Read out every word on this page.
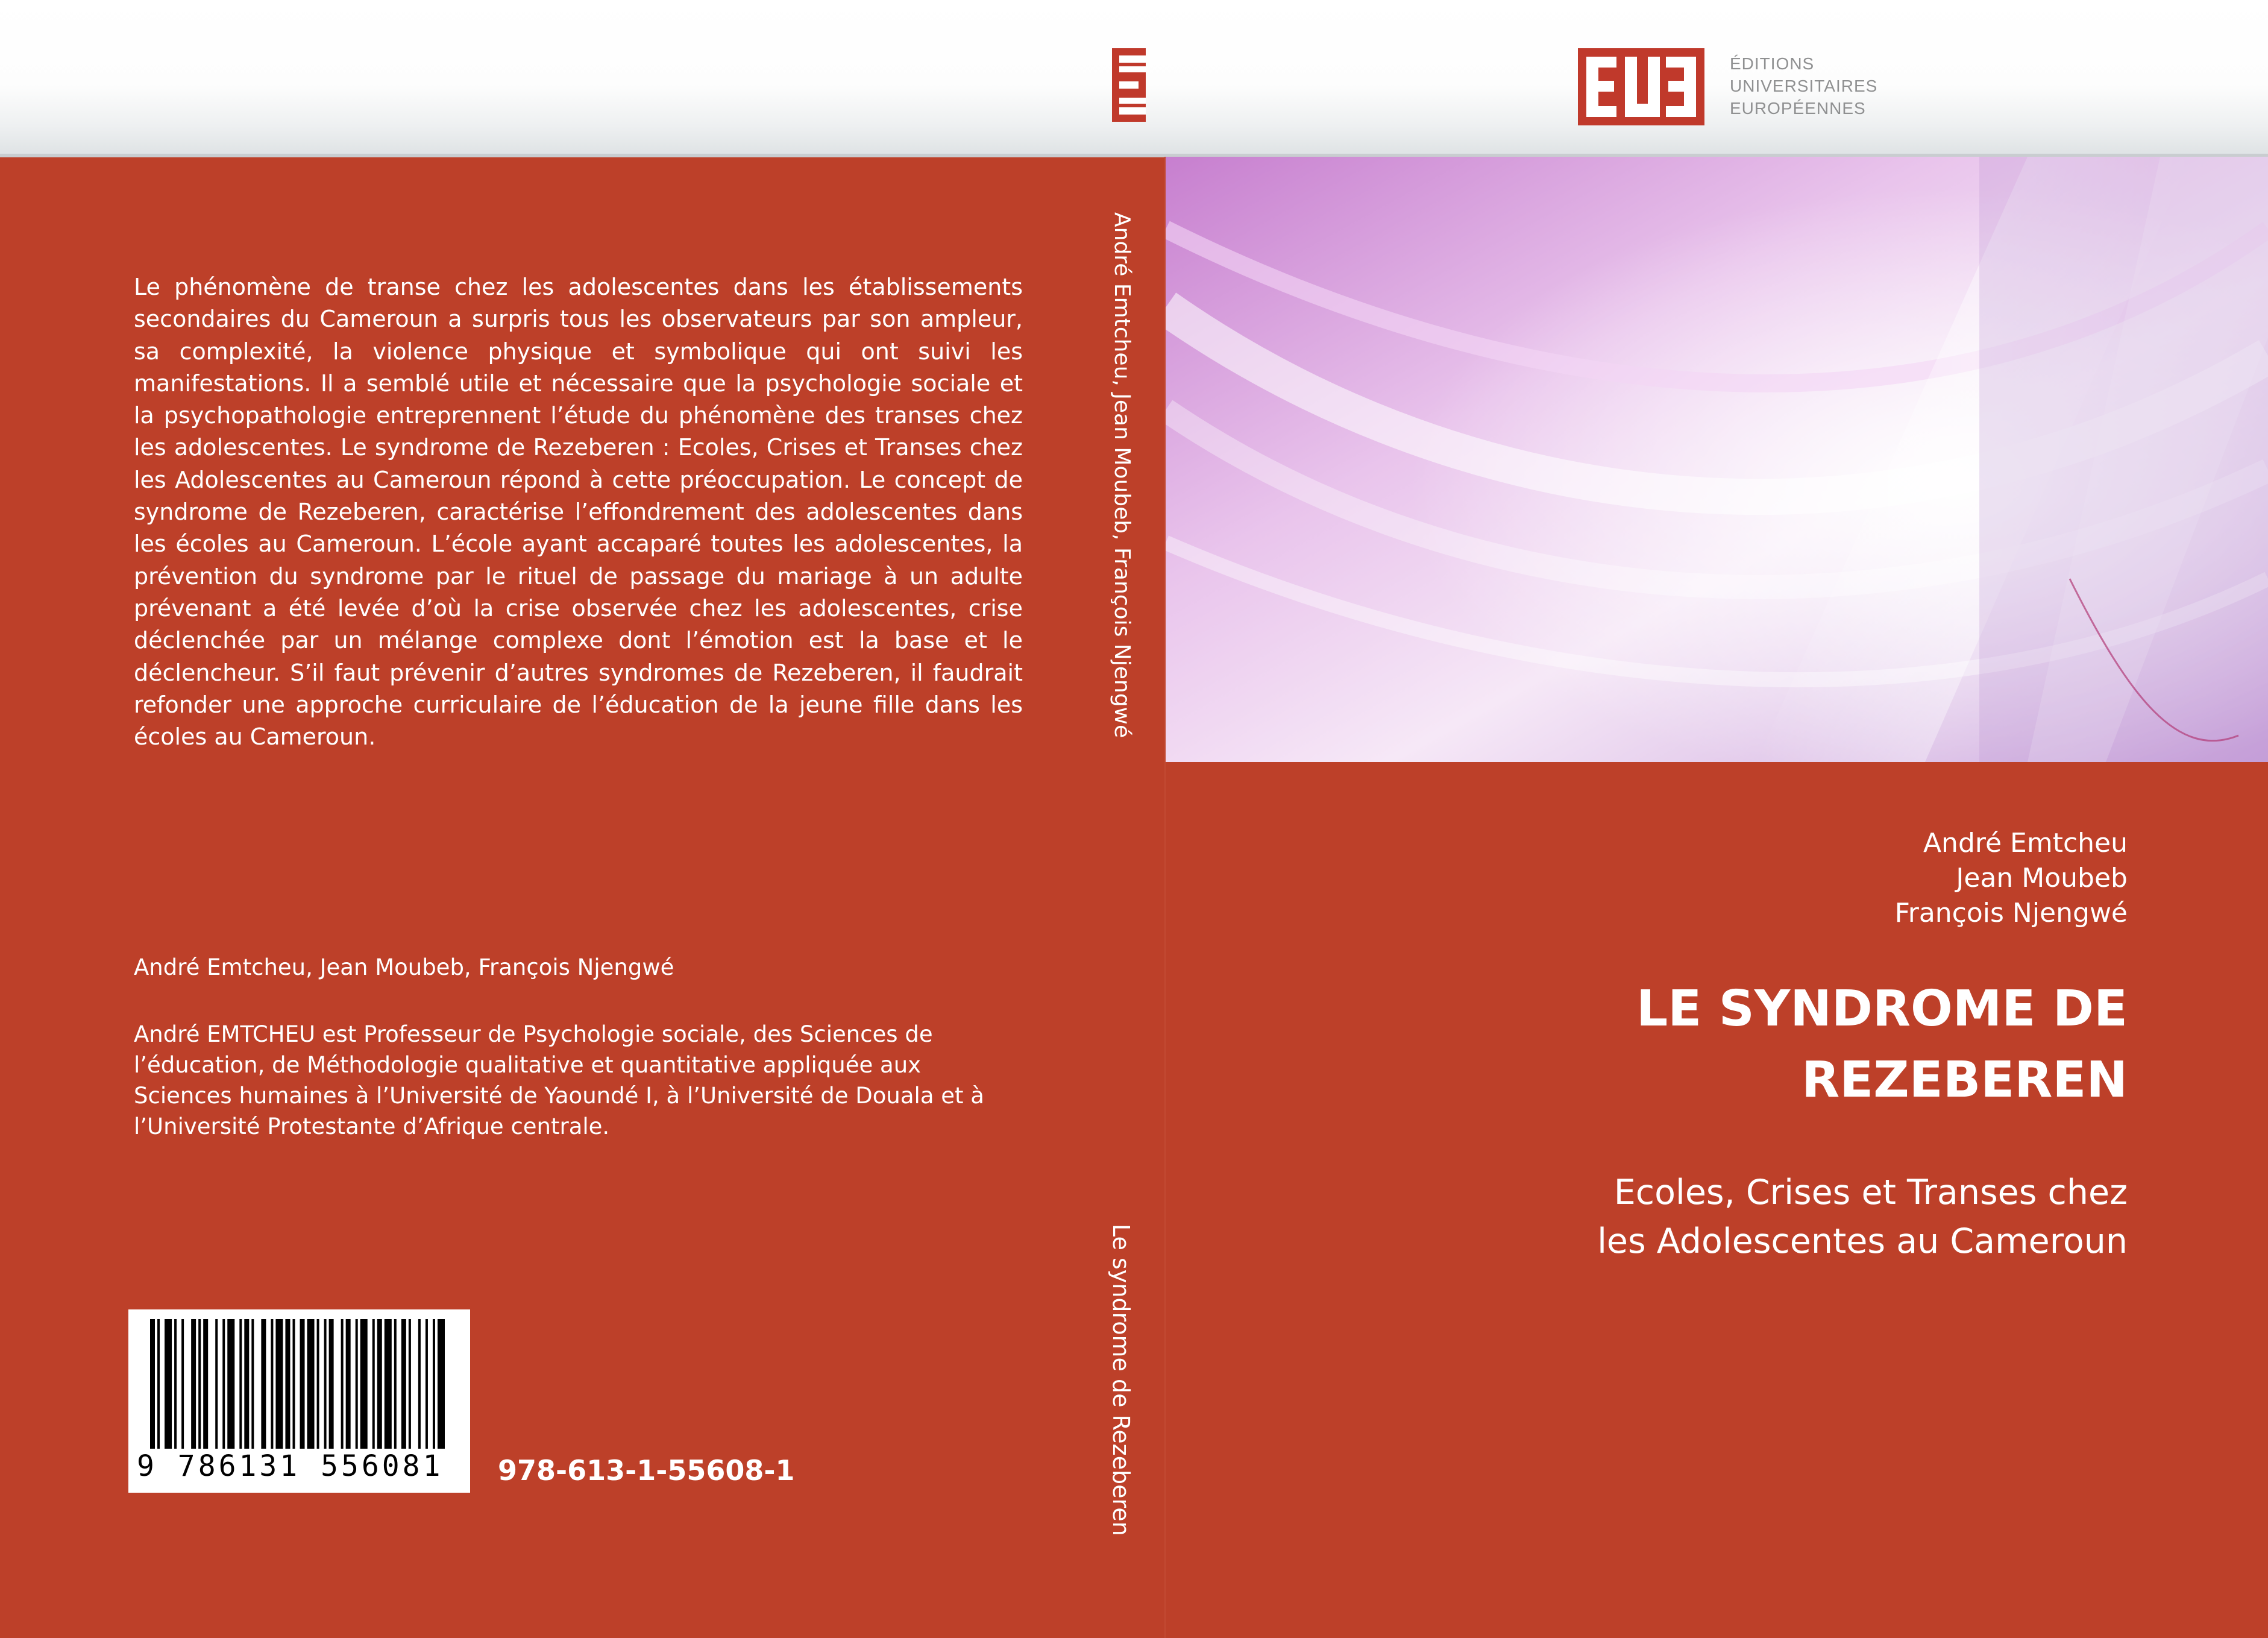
ÉDITIONS
UNIVERSITAIRES
EUROPÉENNES
André Emtcheu, Jean Moubeb, François Njengwé
Le syndrome de Rezeberen
Le phénomène de transe chez les adolescentes dans les établissements secondaires du Cameroun a surpris tous les observateurs par son ampleur, sa complexité, la violence physique et symbolique qui ont suivi les manifestations. Il a semblé utile et nécessaire que la psychologie sociale et la psychopathologie entreprennent l’étude du phénomène des transes chez les adolescentes. Le syndrome de Rezeberen : Ecoles, Crises et Transes chez les Adolescentes au Cameroun répond à cette préoccupation. Le concept de syndrome de Rezeberen, caractérise l’effondrement des adolescentes dans les écoles au Cameroun. L’école ayant accaparé toutes les adolescentes, la prévention du syndrome par le rituel de passage du mariage à un adulte prévenant a été levée d’où la crise observée chez les adolescentes, crise déclenchée par un mélange complexe dont l’émotion est la base et le déclencheur. S’il faut prévenir d’autres syndromes de Rezeberen, il faudrait refonder une approche curriculaire de l’éducation de la jeune fille dans les écoles au Cameroun.
André Emtcheu, Jean Moubeb, François Njengwé
André EMTCHEU est Professeur de Psychologie sociale, des Sciences de l’éducation, de Méthodologie qualitative et quantitative appliquée aux Sciences humaines à l’Université de Yaoundé I, à l’Université de Douala et à l’Université Protestante d’Afrique centrale.
9 786131 556081	978-613-1-55608-1
André Emtcheu
Jean Moubeb
François Njengwé
LE SYNDROME DE
REZEBEREN
Ecoles, Crises et Transes chez
les Adolescentes au Cameroun
